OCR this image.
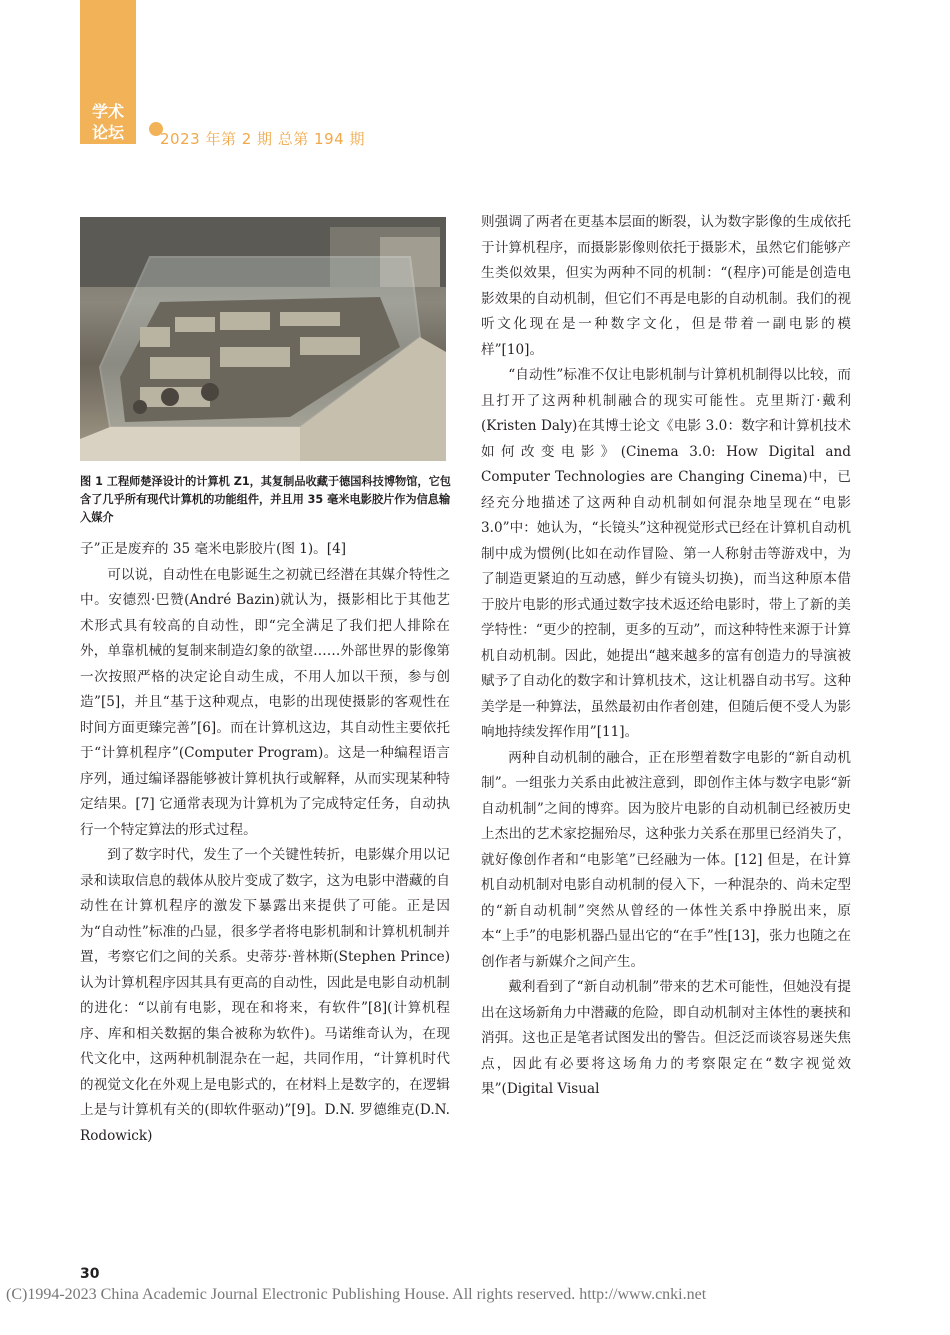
学术论坛	2023 年第 2 期 总第 194 期
图 1 工程师楚泽设计的计算机 Z1，其复制品收藏于德国科技博物馆，它包含了几乎所有现代计算机的功能组件，并且用 35 毫米电影胶片作为信息输入媒介

子”正是废弃的 35 毫米电影胶片(图 1)。[4]

可以说，自动性在电影诞生之初就已经潜在其媒介特性之中。安德烈·巴赞(André Bazin)就认为，摄影相比于其他艺术形式具有较高的自动性，即“完全满足了我们把人排除在外，单靠机械的复制来制造幻象的欲望……外部世界的影像第一次按照严格的决定论自动生成，不用人加以干预，参与创造”[5]，并且“基于这种观点，电影的出现使摄影的客观性在时间方面更臻完善”[6]。而在计算机这边，其自动性主要依托于“计算机程序”(Computer Program)。这是一种编程语言序列，通过编译器能够被计算机执行或解释，从而实现某种特定结果。[7] 它通常表现为计算机为了完成特定任务，自动执行一个特定算法的形式过程。

到了数字时代，发生了一个关键性转折，电影媒介用以记录和读取信息的载体从胶片变成了数字，这为电影中潜藏的自动性在计算机程序的激发下暴露出来提供了可能。正是因为“自动性”标准的凸显，很多学者将电影机制和计算机机制并置，考察它们之间的关系。史蒂芬·普林斯(Stephen Prince)认为计算机程序因其具有更高的自动性，因此是电影自动机制的进化：“以前有电影，现在和将来，有软件”[8](计算机程序、库和相关数据的集合被称为软件)。马诺维奇认为，在现代文化中，这两种机制混杂在一起，共同作用，“计算机时代的视觉文化在外观上是电影式的，在材料上是数字的，在逻辑上是与计算机有关的(即软件驱动)”[9]。D.N. 罗德维克(D.N. Rodowick)

则强调了两者在更基本层面的断裂，认为数字影像的生成依托于计算机程序，而摄影影像则依托于摄影术，虽然它们能够产生类似效果，但实为两种不同的机制：“(程序)可能是创造电影效果的自动机制，但它们不再是电影的自动机制。我们的视听文化现在是一种数字文化，但是带着一副电影的模样”[10]。

“自动性”标准不仅让电影机制与计算机机制得以比较，而且打开了这两种机制融合的现实可能性。克里斯汀·戴利(Kristen Daly)在其博士论文《电影 3.0：数字和计算机技术如何改变电影》(Cinema 3.0: How Digital and Computer Technologies are Changing Cinema)中，已经充分地描述了这两种自动机制如何混杂地呈现在“电影 3.0”中：她认为，“长镜头”这种视觉形式已经在计算机自动机制中成为惯例(比如在动作冒险、第一人称射击等游戏中，为了制造更紧迫的互动感，鲜少有镜头切换)，而当这种原本借于胶片电影的形式通过数字技术返还给电影时，带上了新的美学特性：“更少的控制，更多的互动”，而这种特性来源于计算机自动机制。因此，她提出“越来越多的富有创造力的导演被赋予了自动化的数字和计算机技术，这让机器自动书写。这种美学是一种算法，虽然最初由作者创建，但随后便不受人为影响地持续发挥作用”[11]。

两种自动机制的融合，正在形塑着数字电影的“新自动机制”。一组张力关系由此被注意到，即创作主体与数字电影“新自动机制”之间的博弈。因为胶片电影的自动机制已经被历史上杰出的艺术家挖掘殆尽，这种张力关系在那里已经消失了，就好像创作者和“电影笔”已经融为一体。[12] 但是，在计算机自动机制对电影自动机制的侵入下，一种混杂的、尚未定型的“新自动机制”突然从曾经的一体性关系中挣脱出来，原本“上手”的电影机器凸显出它的“在手”性[13]，张力也随之在创作者与新媒介之间产生。

戴利看到了“新自动机制”带来的艺术可能性，但她没有提出在这场新角力中潜藏的危险，即自动机制对主体性的裹挟和消弭。这也正是笔者试图发出的警告。但泛泛而谈容易迷失焦点，因此有必要将这场角力的考察限定在“数字视觉效果”(Digital Visual

30
(C)1994-2023 China Academic Journal Electronic Publishing House. All rights reserved. http://www.cnki.net
